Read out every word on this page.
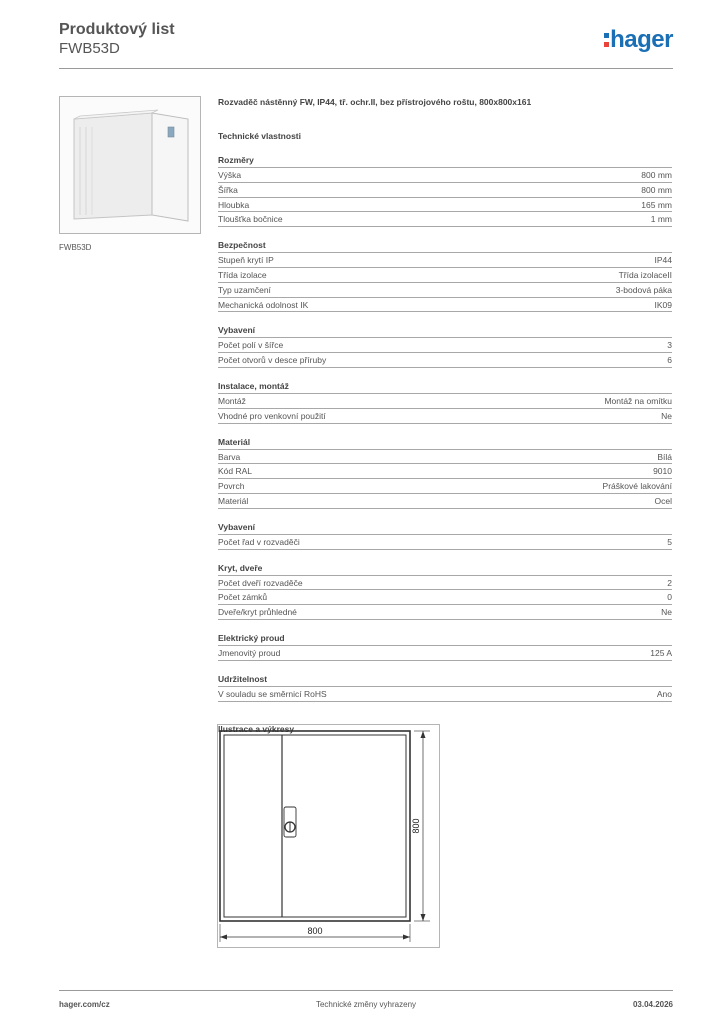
Produktový list
FWB53D	hager
FWB53D
Rozvaděč nástěnný FW, IP44, tř. ochr.II, bez přístrojového roštu, 800x800x161
Technické vlastnosti
Rozměry
Výška	800 mm
Šířka	800 mm
Hloubka	165 mm
Tloušťka bočnice	1 mm
Bezpečnost
Stupeň krytí IP	IP44
Třída izolace	Třída izolaceII
Typ uzamčení	3-bodová páka
Mechanická odolnost IK	IK09
Vybavení
Počet polí v šířce	3
Počet otvorů v desce příruby	6
Instalace, montáž
Montáž	Montáž na omítku
Vhodné pro venkovní použití	Ne
Materiál
Barva	Bílá
Kód RAL	9010
Povrch	Práškové lakování
Materiál	Ocel
Vybavení
Počet řad v rozvaděči	5
Kryt, dveře
Počet dveří rozvaděče	2
Počet zámků	0
Dveře/kryt průhledné	Ne
Elektrický proud
Jmenovitý proud	125 A
Udržitelnost
V souladu se směrnicí RoHS	Ano
Ilustrace a výkresy
800
800
hager.com/cz	Technické změny vyhrazeny	03.04.2026
